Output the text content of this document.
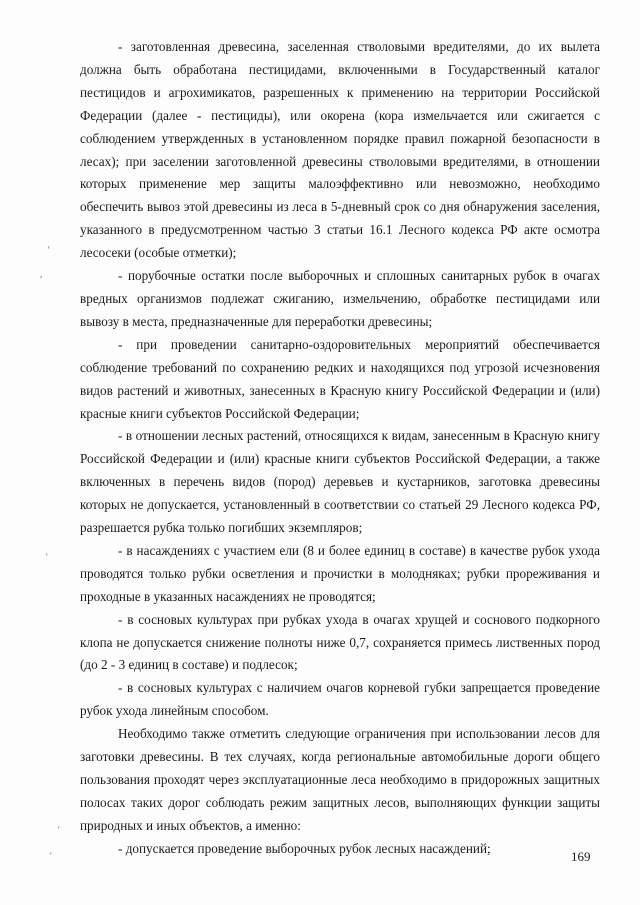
- заготовленная древесина, заселенная стволовыми вредителями, до их вылета должна быть обработана пестицидами, включенными в Государственный каталог пестицидов и агрохимикатов, разрешенных к применению на территории Российской Федерации (далее - пестициды), или окорена (кора измельчается или сжигается с соблюдением утвержденных в установленном порядке правил пожарной безопасности в лесах); при заселении заготовленной древесины стволовыми вредителями, в отношении которых применение мер защиты малоэффективно или невозможно, необходимо обеспечить вывоз этой древесины из леса в 5-дневный срок со дня обнаружения заселения, указанного в предусмотренном частью 3 статьи 16.1 Лесного кодекса РФ акте осмотра лесосеки (особые отметки);

- порубочные остатки после выборочных и сплошных санитарных рубок в очагах вредных организмов подлежат сжиганию, измельчению, обработке пестицидами или вывозу в места, предназначенные для переработки древесины;

- при проведении санитарно-оздоровительных мероприятий обеспечивается соблюдение требований по сохранению редких и находящихся под угрозой исчезновения видов растений и животных, занесенных в Красную книгу Российской Федерации и (или) красные книги субъектов Российской Федерации;

- в отношении лесных растений, относящихся к видам, занесенным в Красную книгу Российской Федерации и (или) красные книги субъектов Российской Федерации, а также включенных в перечень видов (пород) деревьев и кустарников, заготовка древесины которых не допускается, установленный в соответствии со статьей 29 Лесного кодекса РФ, разрешается рубка только погибших экземпляров;

- в насаждениях с участием ели (8 и более единиц в составе) в качестве рубок ухода проводятся только рубки осветления и прочистки в молодняках; рубки прореживания и проходные в указанных насаждениях не проводятся;

- в сосновых культурах при рубках ухода в очагах хрущей и соснового подкорного клопа не допускается снижение полноты ниже 0,7, сохраняется примесь лиственных пород (до 2 - 3 единиц в составе) и подлесок;

- в сосновых культурах с наличием очагов корневой губки запрещается проведение рубок ухода линейным способом.

Необходимо также отметить следующие ограничения при использовании лесов для заготовки древесины. В тех случаях, когда региональные автомобильные дороги общего пользования проходят через эксплуатационные леса необходимо в придорожных защитных полосах таких дорог соблюдать режим защитных лесов, выполняющих функции защиты природных и иных объектов, а именно:

- допускается проведение выборочных рубок лесных насаждений;

169
'
,
'
'
'
